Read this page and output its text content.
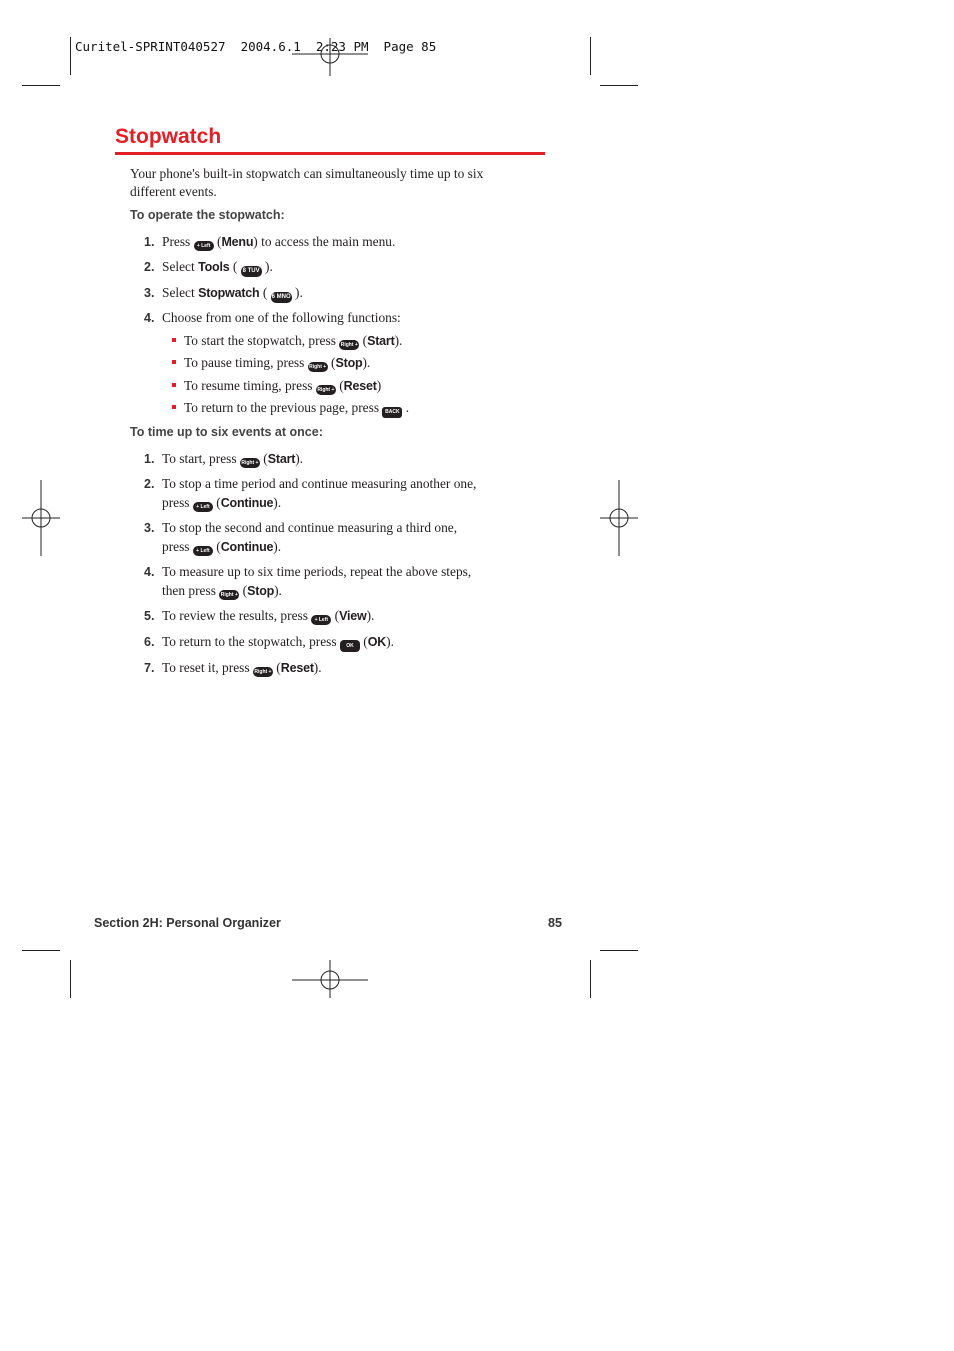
Curitel-SPRINT040527  2004.6.1  2:23 PM  Page 85
Stopwatch
Your phone's built-in stopwatch can simultaneously time up to six
different events.
To operate the stopwatch:
1. Press + Left (Menu) to access the main menu.
2. Select Tools ( 8 TUV ).
3. Select Stopwatch ( 6 MNO ).
4. Choose from one of the following functions:
To start the stopwatch, press Right + (Start).
To pause timing, press Right + (Stop).
To resume timing, press Right + (Reset)
To return to the previous page, press BACK .
To time up to six events at once:
1. To start, press Right + (Start).
2. To stop a time period and continue measuring another one,
press + Left (Continue).
3. To stop the second and continue measuring a third one,
press + Left (Continue).
4. To measure up to six time periods, repeat the above steps,
then press Right + (Stop).
5. To review the results, press + Left (View).
6. To return to the stopwatch, press OK (OK).
7. To reset it, press Right + (Reset).
Section 2H: Personal Organizer	85
